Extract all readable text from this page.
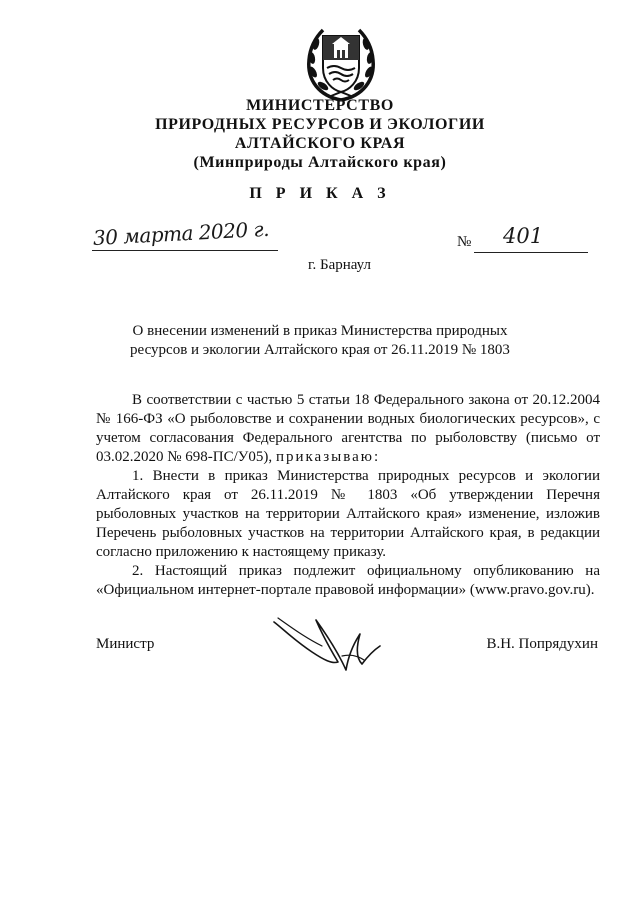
МИНИСТЕРСТВО
ПРИРОДНЫХ РЕСУРСОВ И ЭКОЛОГИИ
АЛТАЙСКОГО КРАЯ
(Минприроды Алтайского края)
П Р И К А З
30 марта 2020 г.	№ 401
г. Барнаул
О внесении изменений в приказ Министерства природных
ресурсов и экологии Алтайского края от 26.11.2019 № 1803
В соответствии с частью 5 статьи 18 Федерального закона от 20.12.2004
№ 166-ФЗ «О рыболовстве и сохранении водных биологических ресурсов», с
учетом согласования Федерального агентства по рыболовству (письмо от
03.02.2020 № 698-ПС/У05), приказываю:
1. Внести в приказ Министерства природных ресурсов и экологии
Алтайского края от 26.11.2019 № 1803 «Об утверждении Перечня
рыболовных участков на территории Алтайского края» изменение, изложив
Перечень рыболовных участков на территории Алтайского края, в редакции
согласно приложению к настоящему приказу.
2. Настоящий приказ подлежит официальному опубликованию на
«Официальном интернет-портале правовой информации» (www.pravo.gov.ru).
Министр	В.Н. Попрядухин
